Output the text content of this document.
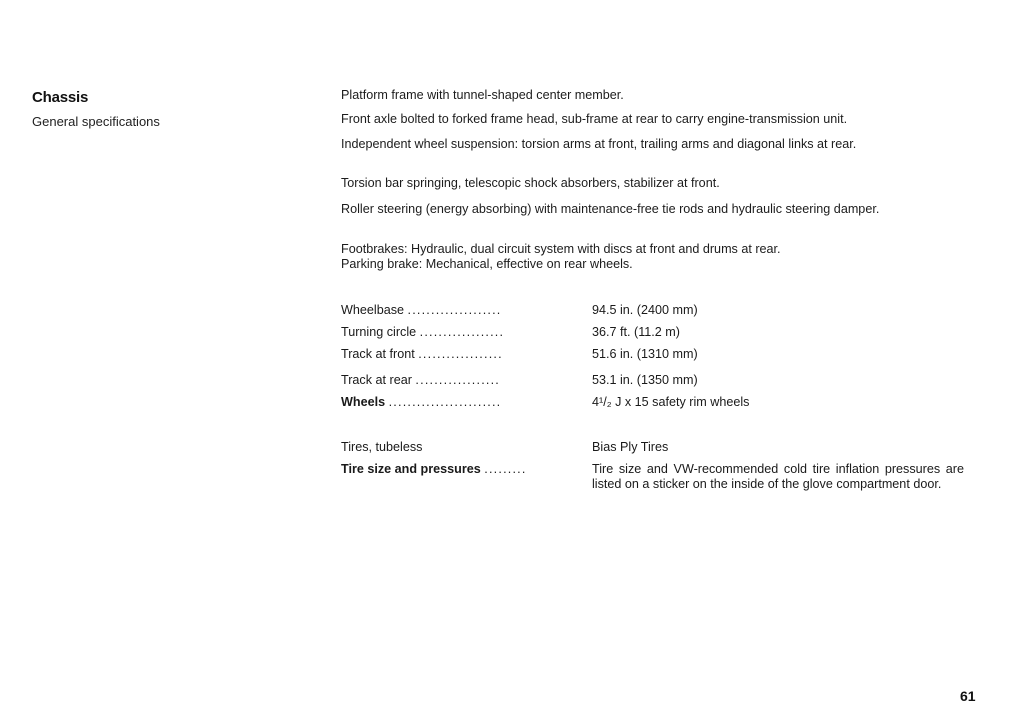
Chassis
General specifications
Platform frame with tunnel-shaped center member.
Front axle bolted to forked frame head, sub-frame at rear to carry engine-transmission unit.
Independent wheel suspension: torsion arms at front, trailing arms and diagonal links at rear.
Torsion bar springing, telescopic shock absorbers, stabilizer at front.
Roller steering (energy absorbing) with maintenance-free tie rods and hydraulic steering damper.
Footbrakes: Hydraulic, dual circuit system with discs at front and drums at rear.
Parking brake: Mechanical, effective on rear wheels.
Wheelbase ....................	94.5 in. (2400 mm)
Turning circle ..................	36.7 ft. (11.2 m)
Track at front ..................	51.6 in. (1310 mm)
Track at rear ..................	53.1 in. (1350 mm)
Wheels ........................	4¹/₂ J x 15 safety rim wheels
Tires, tubeless	Bias Ply Tires
Tire size and pressures .........	Tire size and VW-recommended cold tire inflation pressures are listed on a sticker on the inside of the glove compartment door.
61
